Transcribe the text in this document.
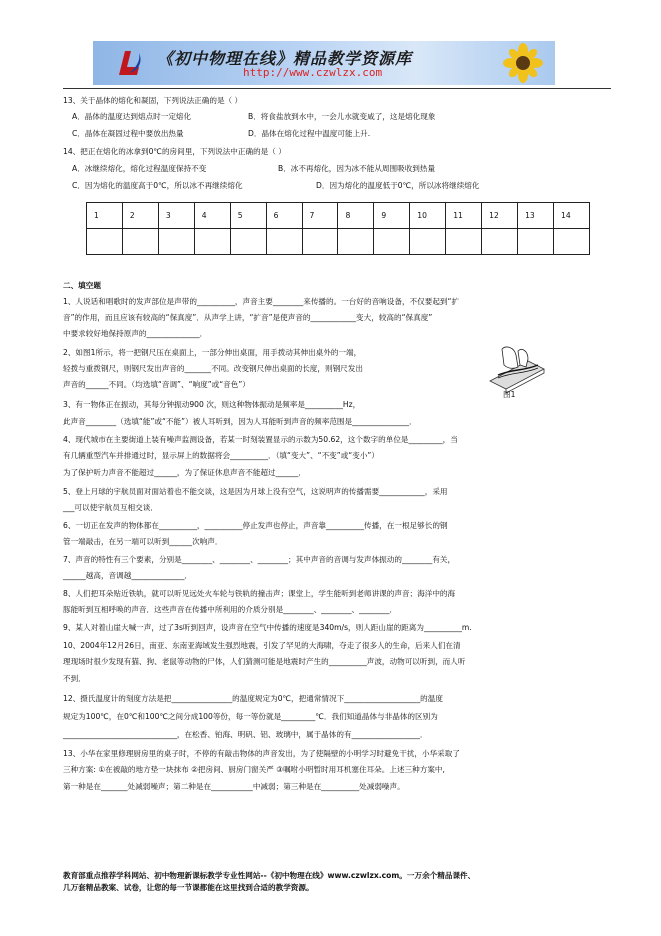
《初中物理在线》精品教学资源库
http://www.czwlzx.com
13、关于晶体的熔化和凝固，下列说法正确的是（ ）
A．晶体的温度达到熔点时一定熔化	B．将食盐放到水中，一会儿水就变咸了，这是熔化现象
C．晶体在凝固过程中要放出热量	D．晶体在熔化过程中温度可能上升.
14、把正在熔化的冰拿到0℃的房间里，下列说法中正确的是（ ）
A．冰继续熔化，熔化过程温度保持不变	B．冰不再熔化，因为冰不能从周围吸收到热量
C．因为熔化的温度高于0℃，所以冰不再继续熔化	D．因为熔化的温度低于0℃，所以冰将继续熔化
1	2	3	4	5	6	7	8	9	10	11	12	13	14

二、填空题
1、人说话和唱歌时的发声部位是声带的__________，声音主要________来传播的。一台好的音响设备，不仅要起到“扩
音”的作用，而且应该有较高的“保真度”．从声学上讲，“扩音”是使声音的____________变大，较高的“保真度”
中要求较好地保持原声的______________．
2、如图1所示，将一把钢尺压在桌面上，一部分伸出桌面，用手拨动其伸出桌外的一端，
轻拨与重拨钢尺，则钢尺发出声音的_______不同。改变钢尺伸出桌面的长度，则钢尺发出
声音的______不同。（均选填“音调”、“响度”或“音色”）
图1
3、有一物体正在振动，其每分钟振动900 次，则这种物体振动是频率是__________Hz，
此声音________（选填“能”或“不能”）被人耳听到，因为人耳能听到声音的频率范围是_______________．
4、现代城市在主要街道上装有噪声监测设备，若某一时刻装置显示的示数为50.62，这个数字的单位是_________，当
有几辆重型汽车并排通过时，显示屏上的数据将会__________．（填“变大”、“不变”或“变小”）
为了保护听力声音不能超过______，为了保证休息声音不能超过______．
5、登上月球的宇航员面对面站着也不能交谈，这是因为月球上没有空气，这说明声的传播需要____________，采用
___可以使宇航员互相交谈．
6、一切正在发声的物体都在__________，__________停止发声也停止，声音靠__________传播，在一根足够长的钢
管一端敲击，在另一端可以听到______次响声．
7、声音的特性有三个要素，分别是________、________、________；其中声音的音调与发声体振动的________有关，
______越高，音调越______________．
8、人们把耳朵贴近铁轨，就可以听见远处火车轮与铁轨的撞击声；课堂上，学生能听到老师讲课的声音；海洋中的海
豚能听到互相呼唤的声音．这些声音在传播中所利用的介质分别是________、________、________．
9、某人对着山崖大喊一声，过了3s听到回声，设声音在空气中传播的速度是340m/s，则人距山崖的距离为__________m.
10、2004年12月26日，南亚、东南亚海域发生强烈地震，引发了罕见的大海啸，夺走了很多人的生命，后来人们在清
理现场时很少发现有猫、狗、老鼠等动物的尸体，人们猜测可能是地震时产生的__________声波，动物可以听到，而人听
不到．
12、摄氏温度计的刻度方法是把________________的温度规定为0℃，把通常情况下____________________的温度
规定为100℃，在0℃和100℃之间分成100等份，每一等份就是_________℃．我们知道晶体与非晶体的区别为
______________________________，在松香、铂海、明矾、铝、玻璃中，属于晶体的有__________________．
13、小华在家里修理厨房里的桌子时，不停的有敲击物体的声音发出，为了使隔壁的小明学习时避免干扰，小华采取了
三种方案: ①在被敲的地方垫一块抹布 ②把房间、厨房门窗关严 ③嘱咐小明暂时用耳机塞住耳朵。上述三种方案中,
第一种是在_______处减弱噪声；第二种是在___________中减弱；第三种是在__________处减弱噪声。
教育部重点推荐学科网站、初中物理新课标教学专业性网站--《初中物理在线》www.czwlzx.com。一万余个精品课件、
几万套精品教案、试卷，让您的每一节课都能在这里找到合适的教学资源。
